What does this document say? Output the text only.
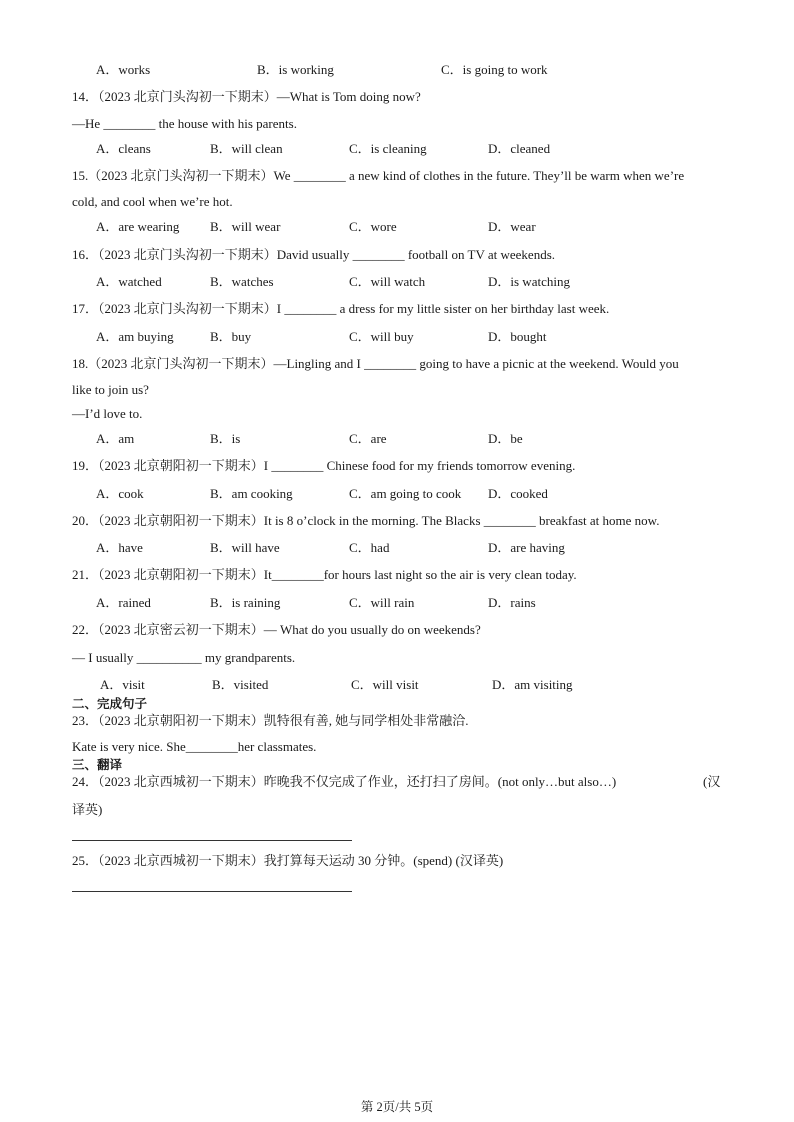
A．works	B．is working	C．is going to work
14．（2023 北京门头沟初一下期末）—What is Tom doing now?
—He ________ the house with his parents.
A．cleans	B．will clean	C．is cleaning	D．cleaned
15.（2023 北京门头沟初一下期末）We ________ a new kind of clothes in the future. They’ll be warm when we’re
cold, and cool when we’re hot.
A．are wearing B．will wear	C．wore	D．wear
16．（2023 北京门头沟初一下期末）David usually ________ football on TV at weekends.
A．watched	B．watches	C．will watch	D．is watching
17．（2023 北京门头沟初一下期末）I ________ a dress for my little sister on her birthday last week.
A．am buying	B．buy	C．will buy	D．bought
18.（2023 北京门头沟初一下期末）—Lingling and I ________ going to have a picnic at the weekend. Would you
like to join us?
—I’d love to.
A．am	B．is	C．are	D．be
19．（2023 北京朝阳初一下期末）I ________ Chinese food for my friends tomorrow evening.
A．cook	B．am cooking	C．am going to cook D．cooked
20．（2023 北京朝阳初一下期末）It is 8 o’clock in the morning. The Blacks ________ breakfast at home now.
A．have	B．will have	C．had	D．are having
21．（2023 北京朝阳初一下期末）It________for hours last night so the air is very clean today.
A．rained	B．is raining	C．will rain	D．rains
22．（2023 北京密云初一下期末）— What do you usually do on weekends?
— I usually __________ my grandparents.
A．visit	B．visited	C．will visit	D．am visiting
二、完成句子
23．（2023 北京朝阳初一下期末）凯特很有善, 她与同学相处非常融洽.
Kate is very nice. She________her classmates.
三、翻译
24．（2023 北京西城初一下期末）昨晚我不仅完成了作业，还打扫了房间。(not only…but also…)	(汉
译英)
25．（2023 北京西城初一下期末）我打算每天运动 30 分钟。(spend) (汉译英)
第 2页/共 5页
